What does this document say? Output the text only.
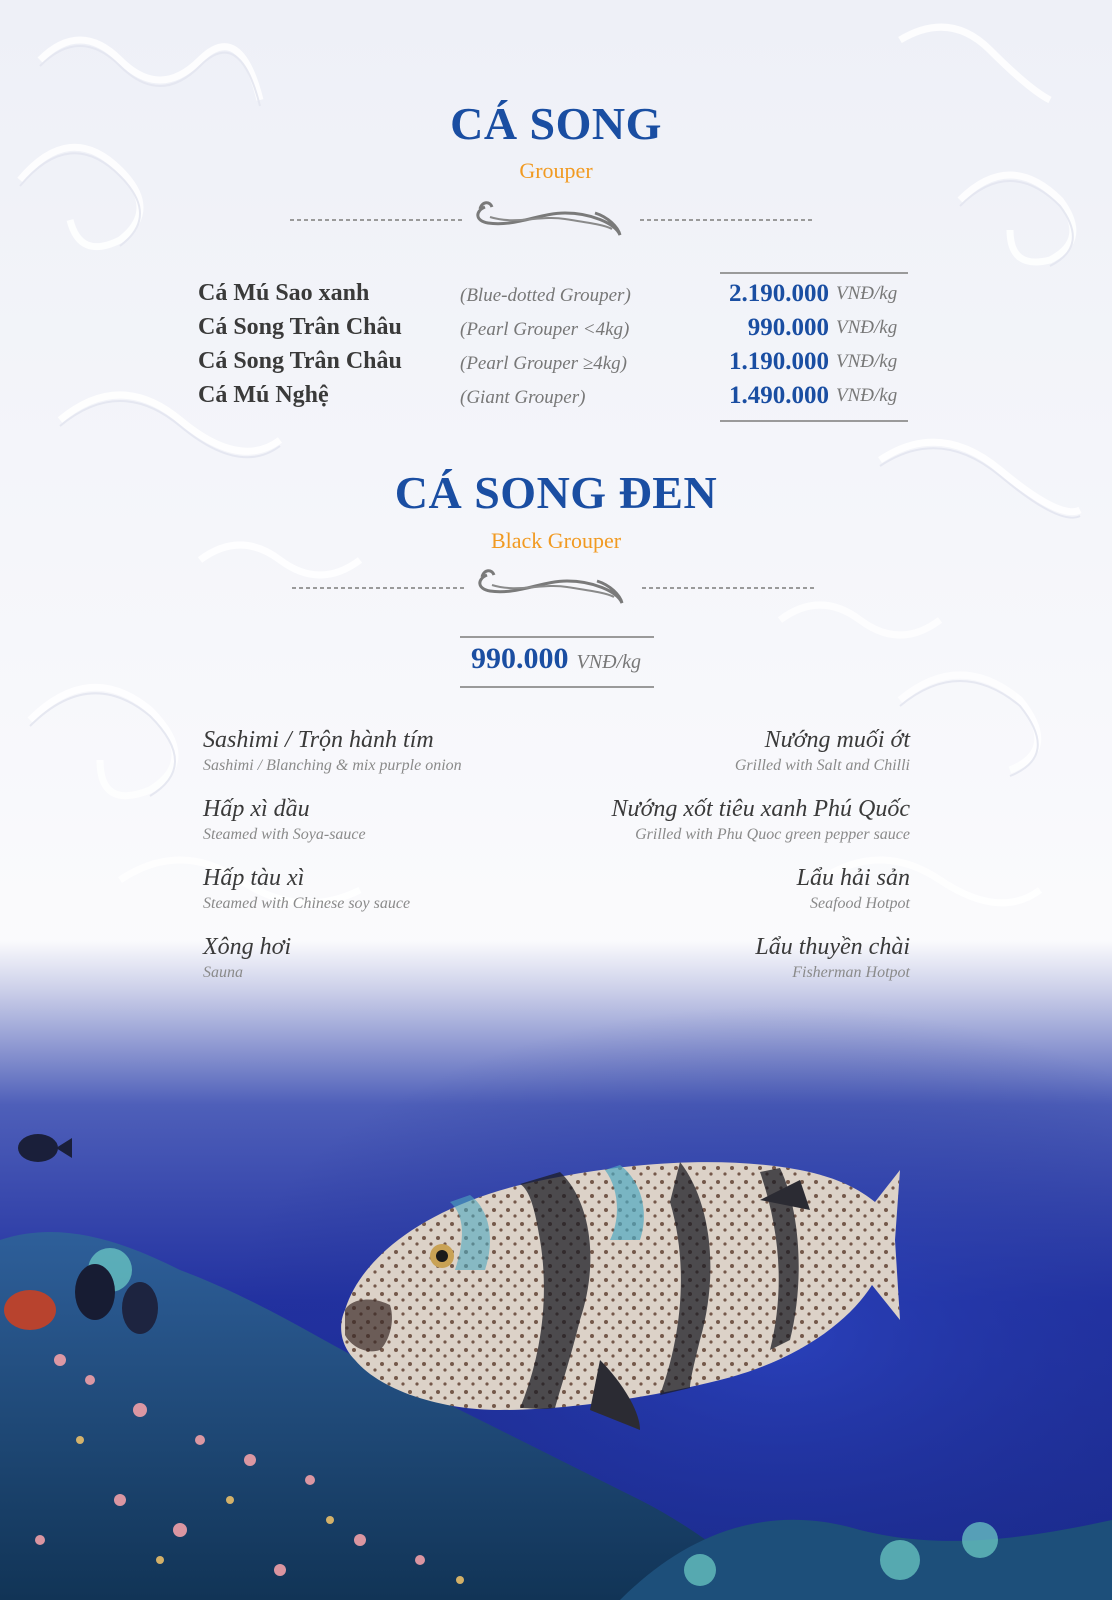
CÁ SONG
Grouper
Cá Mú Sao xanh	(Blue-dotted Grouper)	2.190.000 VNĐ/kg
Cá Song Trân Châu	(Pearl Grouper <4kg)	990.000 VNĐ/kg
Cá Song Trân Châu	(Pearl Grouper ≥4kg)	1.190.000 VNĐ/kg
Cá Mú Nghệ	(Giant Grouper)	1.490.000 VNĐ/kg
CÁ SONG ĐEN
Black Grouper
990.000 VNĐ/kg
Sashimi / Trộn hành tím
Sashimi / Blanching & mix purple onion
Hấp xì dầu
Steamed with Soya-sauce
Hấp tàu xì
Steamed with Chinese soy sauce
Xông hơi
Sauna
Nướng muối ớt
Grilled with Salt and Chilli
Nướng xốt tiêu xanh Phú Quốc
Grilled with Phu Quoc green pepper sauce
Lẩu hải sản
Seafood Hotpot
Lẩu thuyền chài
Fisherman Hotpot
